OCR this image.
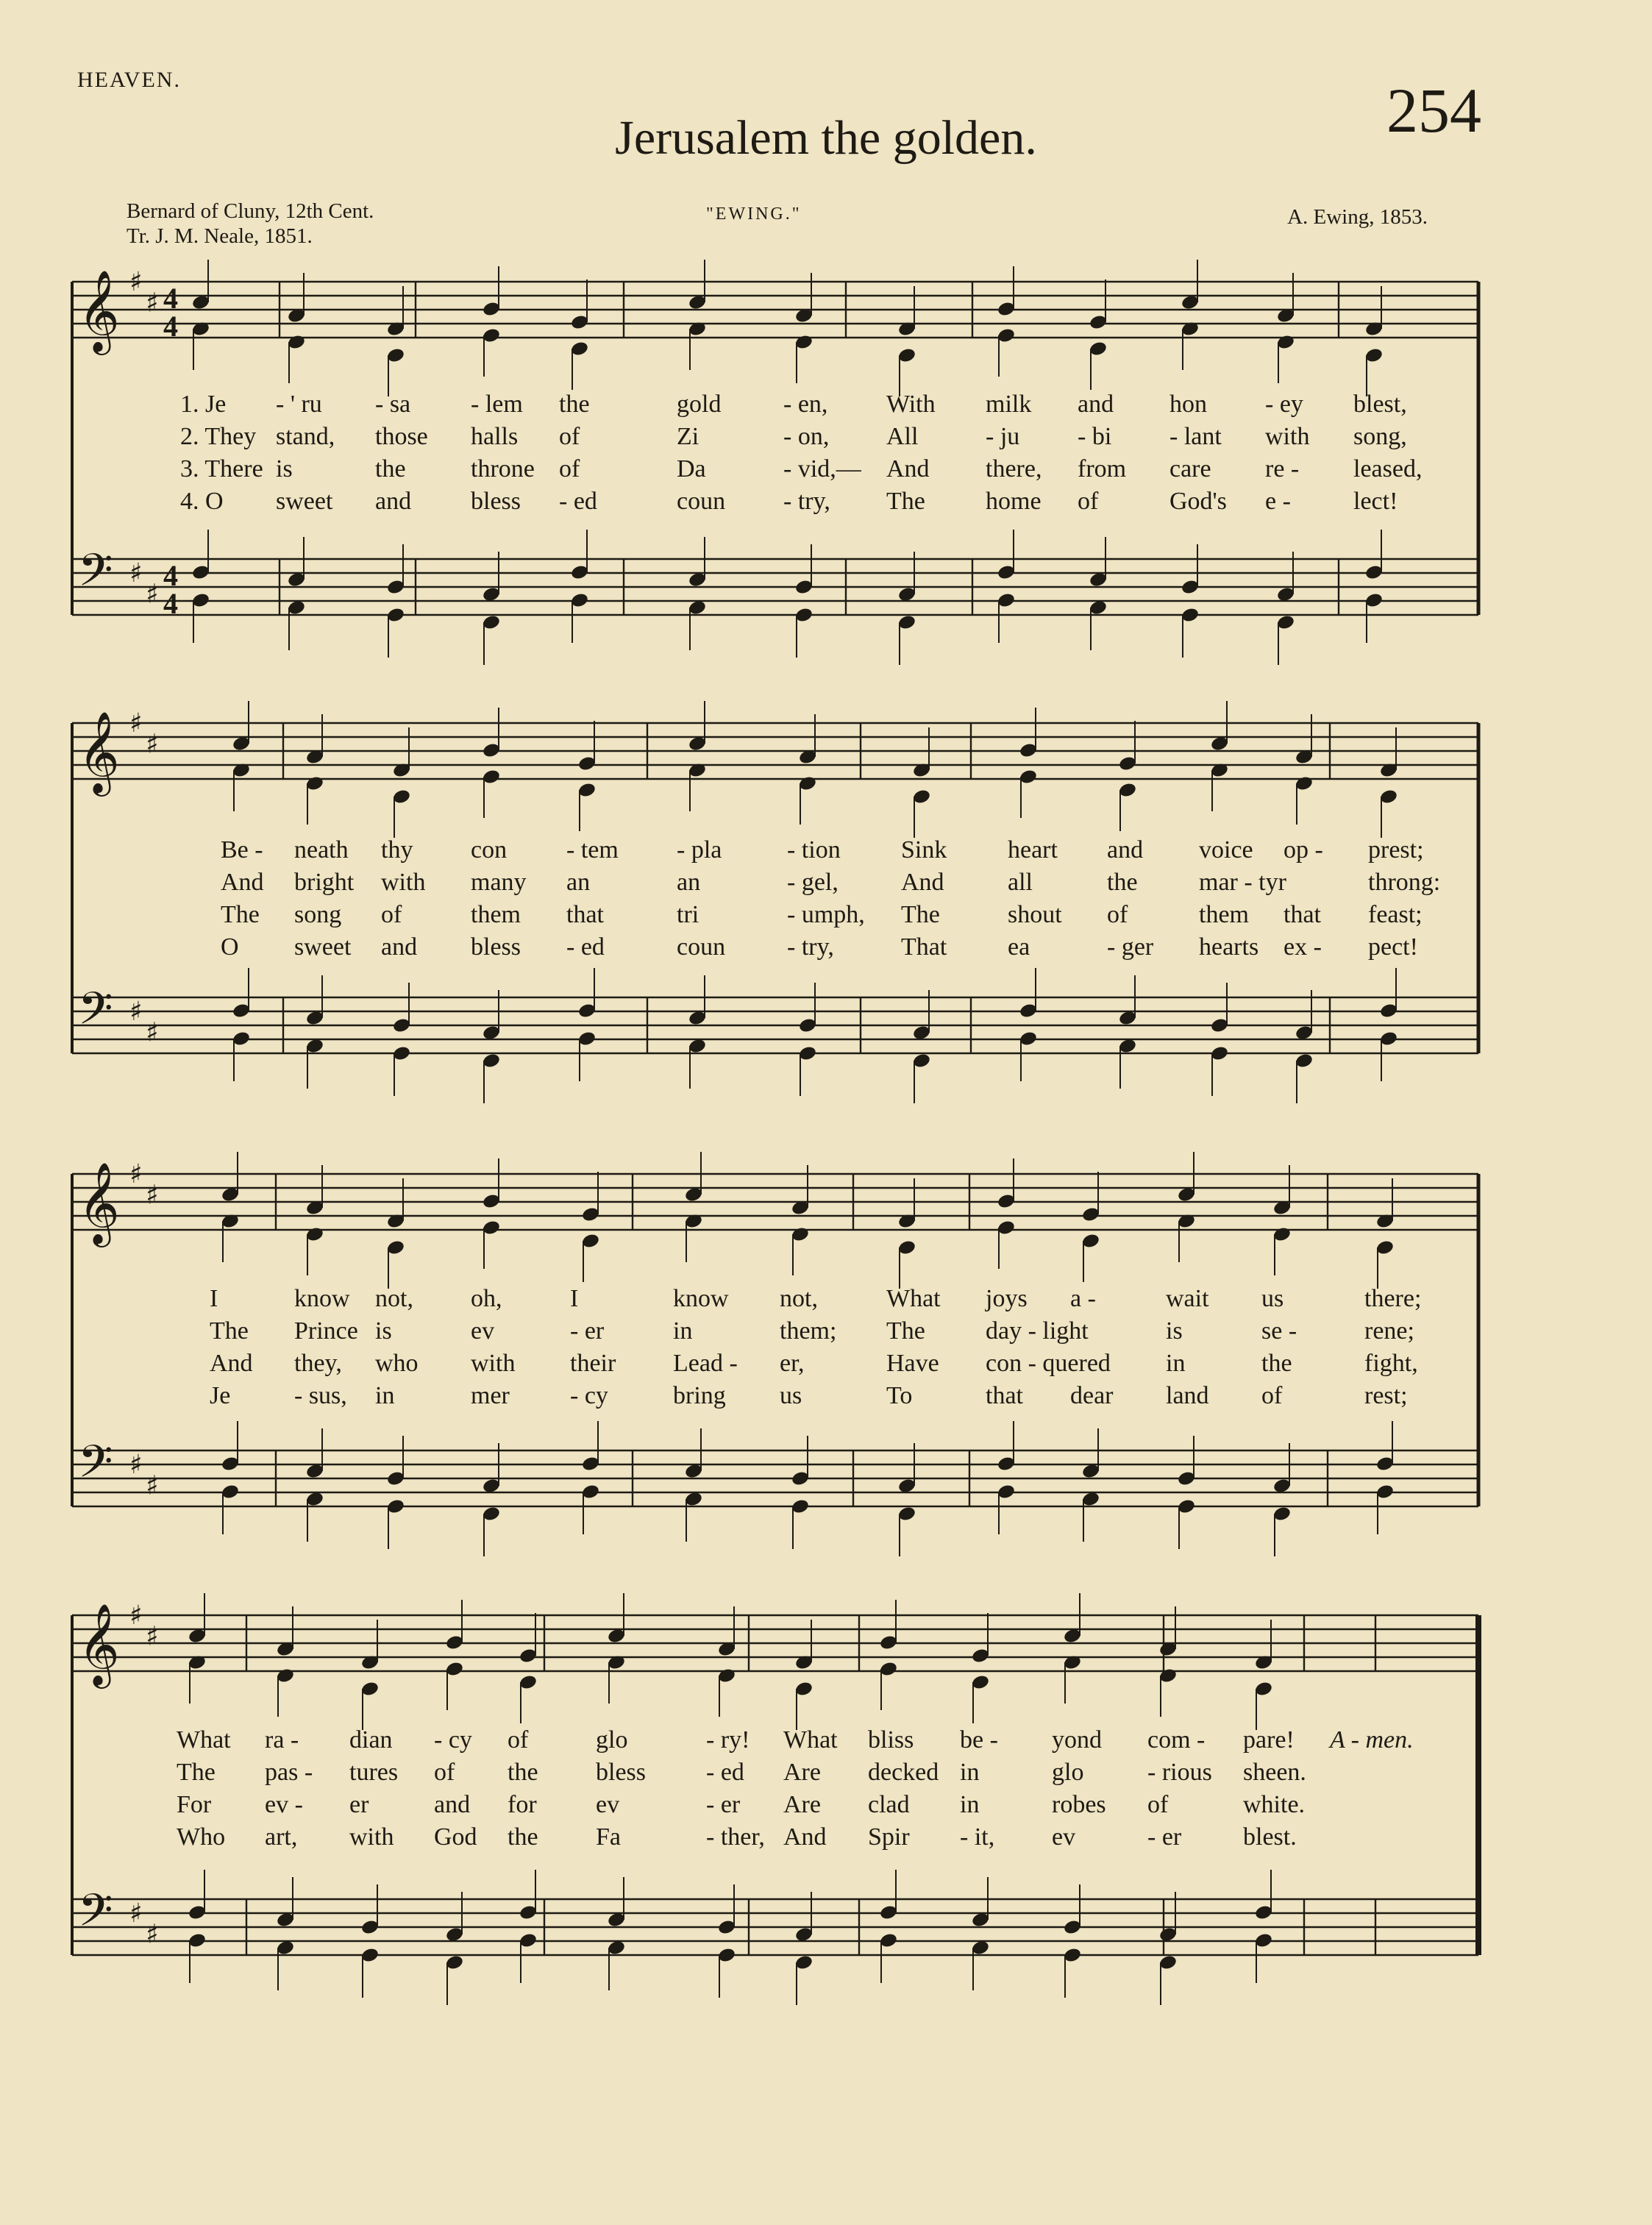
HEAVEN.	254
Jerusalem the golden.
Bernard of Cluny, 12th Cent.
Tr. J. M. Neale, 1851.
"EWING."	A. Ewing, 1853.
𝄞 ♯
♯
𝄢 ♯
♯
4
4
4
4
𝄞 ♯
♯
𝄢 ♯
♯
𝄞 ♯
♯
𝄢 ♯
♯
𝄞 ♯
♯
𝄢 ♯
♯
1. Je - ' ru - sa - lem the	gold - en, With milk and hon - ey blest,
2. They stand, those halls of	Zi	- on, All	- ju - bi - lant with song,
3. There is	the	throne of	Da	- vid,— And there, from care re - leased,
4. O sweet and bless - ed	coun - try, The home of	God's e -	lect!
Be - neath thy con - tem - pla	- tion Sink heart and voice op - prest;
And bright with many an	an	- gel,	And	all	the mar - tyr	throng:
The song of	them that	tri	- umph, The	shout of	them that feast;
O sweet and bless - ed	coun - try,	That ea	- ger hearts ex - pect!
I	know not, oh,	I	know not,	What joys a -	wait us	there;
The Prince is	ev	- er	in	them; The day - light	is	se -	rene;
And they, who with their Lead - er,	Have con - quered in	the	fight,
Je	- sus, in	mer - cy	bring us	To	that dear land of	rest;
What ra - dian - cy of	glo	- ry! What bliss be - yond com - pare!
The pas - tures of the bless - ed Are decked in	glo	- rious sheen.
For ev - er	and for ev	- er Are clad in	robes of	white.
Who art, with God the Fa	- ther, And Spir - it, ev	- er blest.
A - men.
